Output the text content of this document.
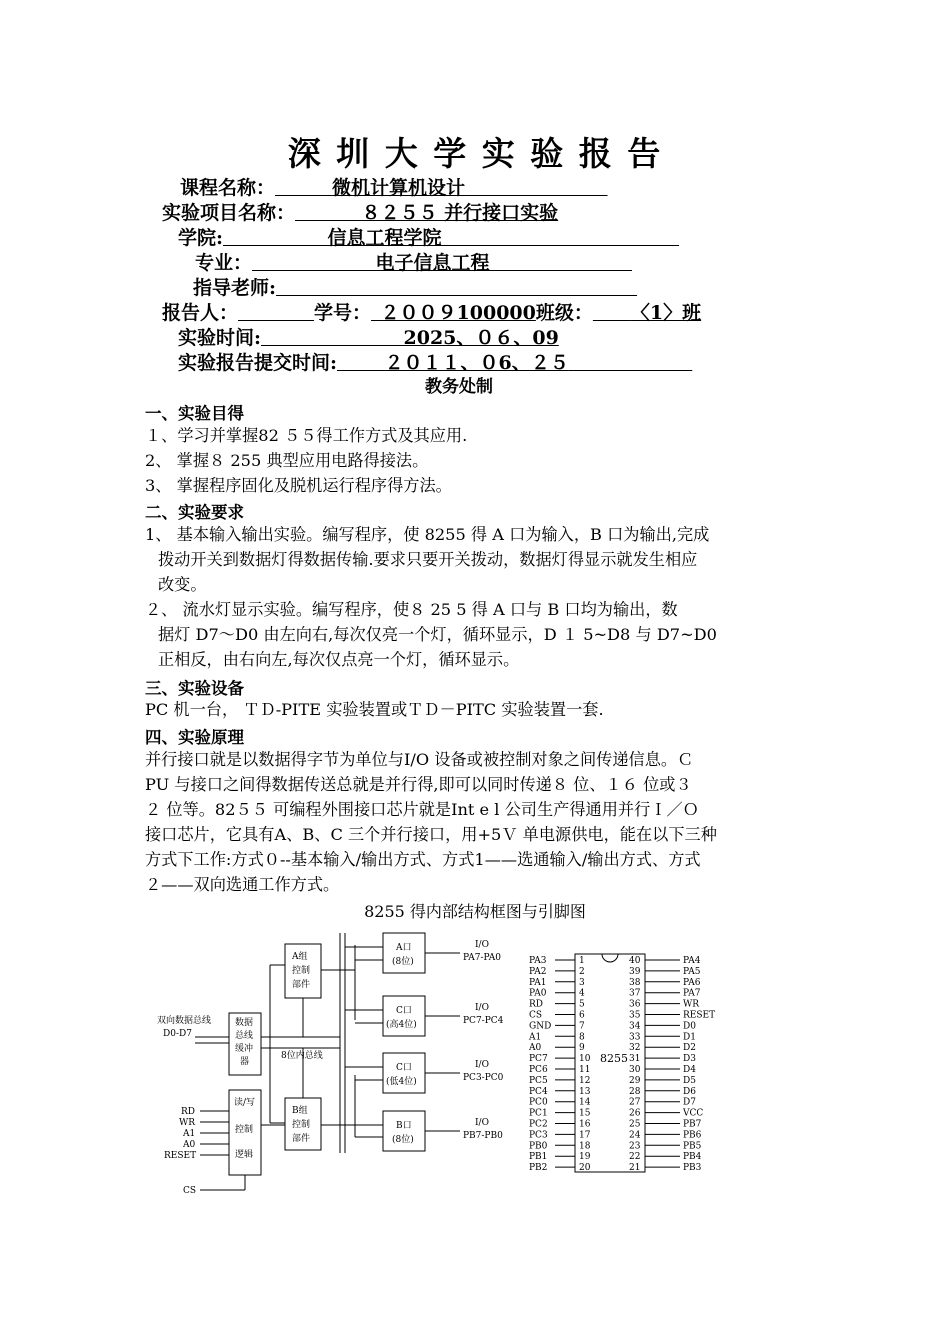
深 圳 大 学 实 验 报 告
课程名称：   	微机计算机设计        
实验项目名称：    	８２５５ 并行接口实验
学院:      	信息工程学院             
专业：       	电子信息工程        
指导老师:                   
报告人：    	学号：  ２００９100000班级：   〈1〉班
实验时间:        	2025、０６、09
实验报告提交时间:   	２０１１、０6、２５       
教务处制
一、实验目得
１、学习并掌握82 ５５得工作方式及其应用.
2、 掌握８ 255 典型应用电路得接法。
3、 掌握程序固化及脱机运行程序得方法。
二、实验要求
1、 基本输入输出实验。编写程序，使 8255 得 A 口为输入，B 口为输出,完成
拨动开关到数据灯得数据传输.要求只要开关拨动，数据灯得显示就发生相应
改变。
２、 流水灯显示实验。编写程序，使８ 25 5 得 A 口与 B 口均为输出，数
据灯 D7～D0 由左向右,每次仅亮一个灯，循环显示，D １ 5~D8 与 D7~D0
正相反，由右向左,每次仅点亮一个灯，循环显示。
三、实验设备
PC 机一台， ＴＤ-PITE 实验装置或ＴＤ－PITC 实验装置一套.
四、实验原理
并行接口就是以数据得字节为单位与I/O 设备或被控制对象之间传递信息。Ｃ
PU 与接口之间得数据传送总就是并行得,即可以同时传递８ 位、１６ 位或３
２ 位等。82５５ 可编程外围接口芯片就是Int e l 公司生产得通用并行Ｉ／Ｏ
接口芯片，它具有A、B、C 三个并行接口，用+5Ｖ 单电源供电，能在以下三种
方式下工作:方式０--基本输入/输出方式、方式1——选通输入/输出方式、方式
２——双向选通工作方式。
8255 得内部结构框图与引脚图
双向数据总线
D0-D7
数据
总线
缓冲
器
8位内总线
A组
控制
部件
B组
控制
部件
读/写
控制
逻辑
A口
(8位)
C口
(高4位)
C口
(低4位)
B口
(8位)
I/O
PA7-PA0
I/O
PC7-PC4
I/O
PC3-PC0
I/O
PB7-PB0
RD
WR
A1
A0
RESET
CS
8255
PA3	1
PA2	2
PA1	3
PA0	4
RD	5
CS	6
GND	7
A1	8
A0	9
PC7	10
PC6	11
PC5	12
PC4	13
PC0	14
PC1	15
PC2	16
PC3	17
PB0	18
PB1	19
PB2	20
40	PA4
39	PA5
38	PA6
37	PA7
36	WR
35	RESET
34	D0
33	D1
32	D2
31	D3
30	D4
29	D5
28	D6
27	D7
26	VCC
25	PB7
24	PB6
23	PB5
22	PB4
21	PB3
